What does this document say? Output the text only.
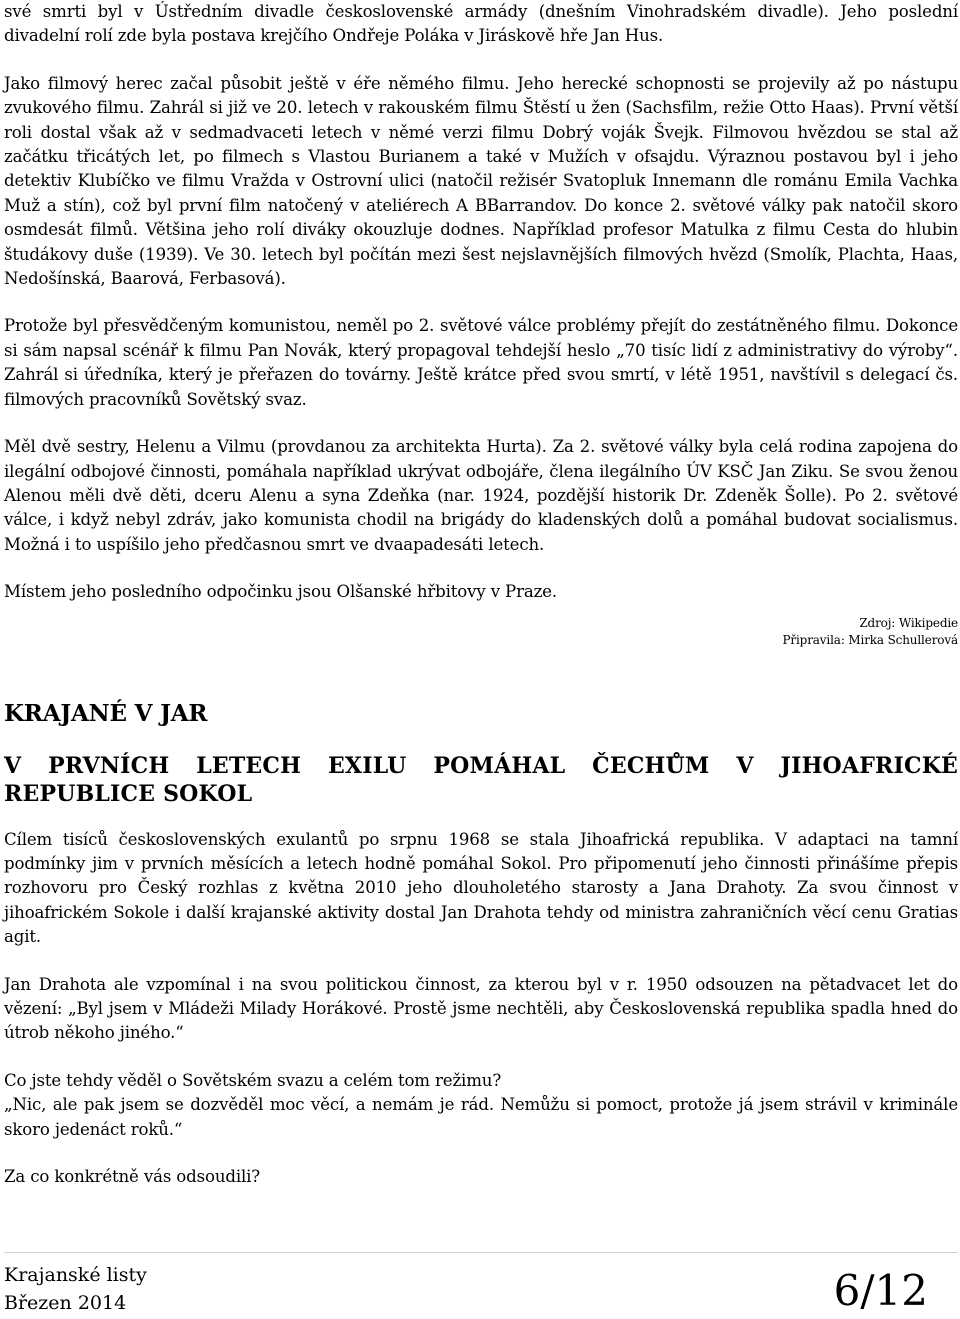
své smrti byl v Ústředním divadle československé armády (dnešním Vinohradském divadle). Jeho poslední divadelní rolí zde byla postava krejčího Ondřeje Poláka v Jiráskově hře Jan Hus.

Jako filmový herec začal působit ještě v éře němého filmu. Jeho herecké schopnosti se projevily až po nástupu zvukového filmu. Zahrál si již ve 20. letech v rakouském filmu Štěstí u žen (Sachsfilm, režie Otto Haas). První větší roli dostal však až v sedmadvaceti letech v němé verzi filmu Dobrý voják Švejk. Filmovou hvězdou se stal až začátku třicátých let, po filmech s Vlastou Burianem a také v Mužích v ofsajdu. Výraznou postavou byl i jeho detektiv Klubíčko ve filmu Vražda v Ostrovní ulici (natočil režisér Svatopluk Innemann dle románu Emila Vachka Muž a stín), což byl první film natočený v ateliérech A BBarrandov. Do konce 2. světové války pak natočil skoro osmdesát filmů. Většina jeho rolí diváky okouzluje dodnes. Například profesor Matulka z filmu Cesta do hlubin študákovy duše (1939). Ve 30. letech byl počítán mezi šest nejslavnějších filmových hvězd (Smolík, Plachta, Haas, Nedošínská, Baarová, Ferbasová).

Protože byl přesvědčeným komunistou, neměl po 2. světové válce problémy přejít do zestátněného filmu. Dokonce si sám napsal scénář k filmu Pan Novák, který propagoval tehdejší heslo „70 tisíc lidí z administrativy do výroby“. Zahrál si úředníka, který je přeřazen do továrny. Ještě krátce před svou smrtí, v létě 1951, navštívil s delegací čs. filmových pracovníků Sovětský svaz.

Měl dvě sestry, Helenu a Vilmu (provdanou za architekta Hurta). Za 2. světové války byla celá rodina zapojena do ilegální odbojové činnosti, pomáhala například ukrývat odbojáře, člena ilegálního ÚV KSČ Jan Ziku. Se svou ženou Alenou měli dvě děti, dceru Alenu a syna Zdeňka (nar. 1924, pozdější historik Dr. Zdeněk Šolle). Po 2. světové válce, i když nebyl zdráv, jako komunista chodil na brigády do kladenských dolů a pomáhal budovat socialismus. Možná i to uspíšilo jeho předčasnou smrt ve dvaapadesáti letech.

Místem jeho posledního odpočinku jsou Olšanské hřbitovy v Praze.

Zdroj: Wikipedie

Připravila: Mirka Schullerová

KRAJANÉ V JAR
V PRVNÍCH LETECH EXILU POMÁHAL ČECHŮM V JIHOAFRICKÉ REPUBLICE SOKOL

Cílem tisíců československých exulantů po srpnu 1968 se stala Jihoafrická republika. V adaptaci na tamní podmínky jim v prvních měsících a letech hodně pomáhal Sokol. Pro připomenutí jeho činnosti přinášíme přepis rozhovoru pro Český rozhlas z května 2010 jeho dlouholetého starosty a Jana Drahoty. Za svou činnost v jihoafrickém Sokole i další krajanské aktivity dostal Jan Drahota tehdy od ministra zahraničních věcí cenu Gratias agit.

Jan Drahota ale vzpomínal i na svou politickou činnost, za kterou byl v r. 1950 odsouzen na pětadvacet let do vězení: „Byl jsem v Mládeži Milady Horákové. Prostě jsme nechtěli, aby Československá republika spadla hned do útrob někoho jiného.“

Co jste tehdy věděl o Sovětském svazu a celém tom režimu?

„Nic, ale pak jsem se dozvěděl moc věcí, a nemám je rád. Nemůžu si pomoct, protože já jsem strávil v kriminále skoro jedenáct roků.“

Za co konkrétně vás odsoudili?

Krajanské listy
Březen 2014	6/12
